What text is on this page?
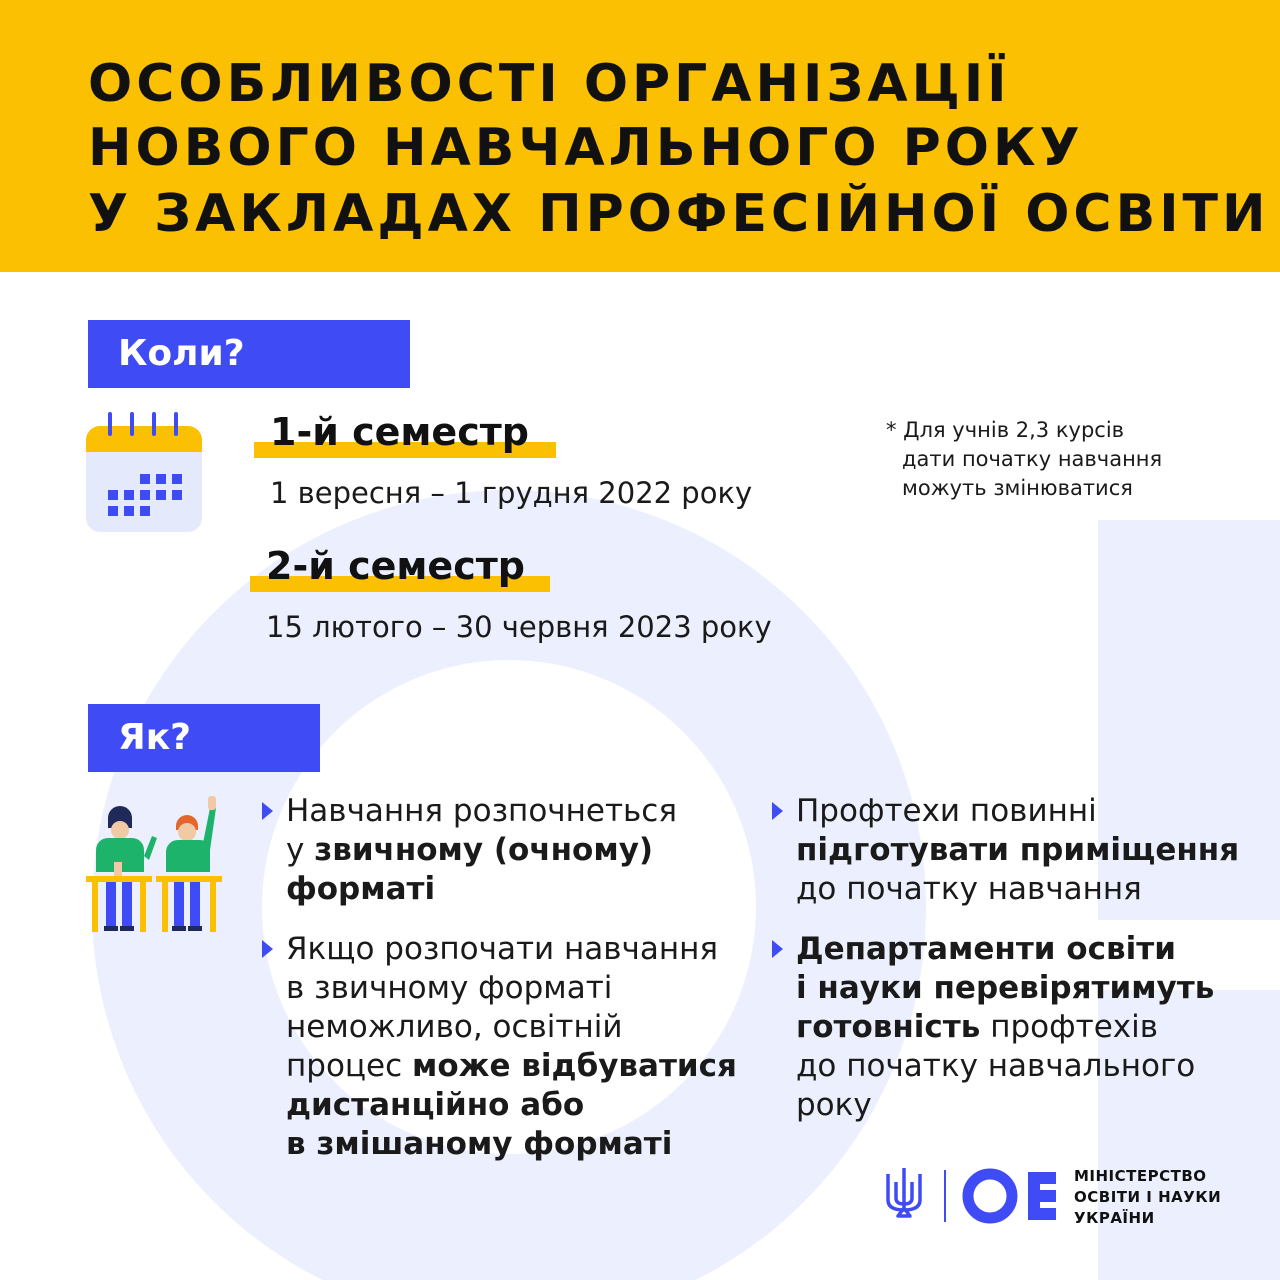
ОСОБЛИВОСТІ ОРГАНІЗАЦІЇ
НОВОГО НАВЧАЛЬНОГО РОКУ
У ЗАКЛАДАХ ПРОФЕСІЙНОЇ ОСВІТИ
Коли?
1-й семестр
1 вересня – 1 грудня 2022 року
2-й семестр
15 лютого – 30 червня 2023 року
* Для учнів 2,3 курсів
дати початку навчання
можуть змінюватися
Як?
Навчання розпочнеться
у звичному (очному)
форматі
Якщо розпочати навчання
в звичному форматі
неможливо, освітній
процес може відбуватися
дистанційно або
в змішаному форматі
Профтехи повинні
підготувати приміщення
до початку навчання
Департаменти освіти
і науки перевірятимуть
готовність профтехів
до початку навчального
року
МІНІСТЕРСТВО
ОСВІТИ І НАУКИ
УКРАЇНИ
